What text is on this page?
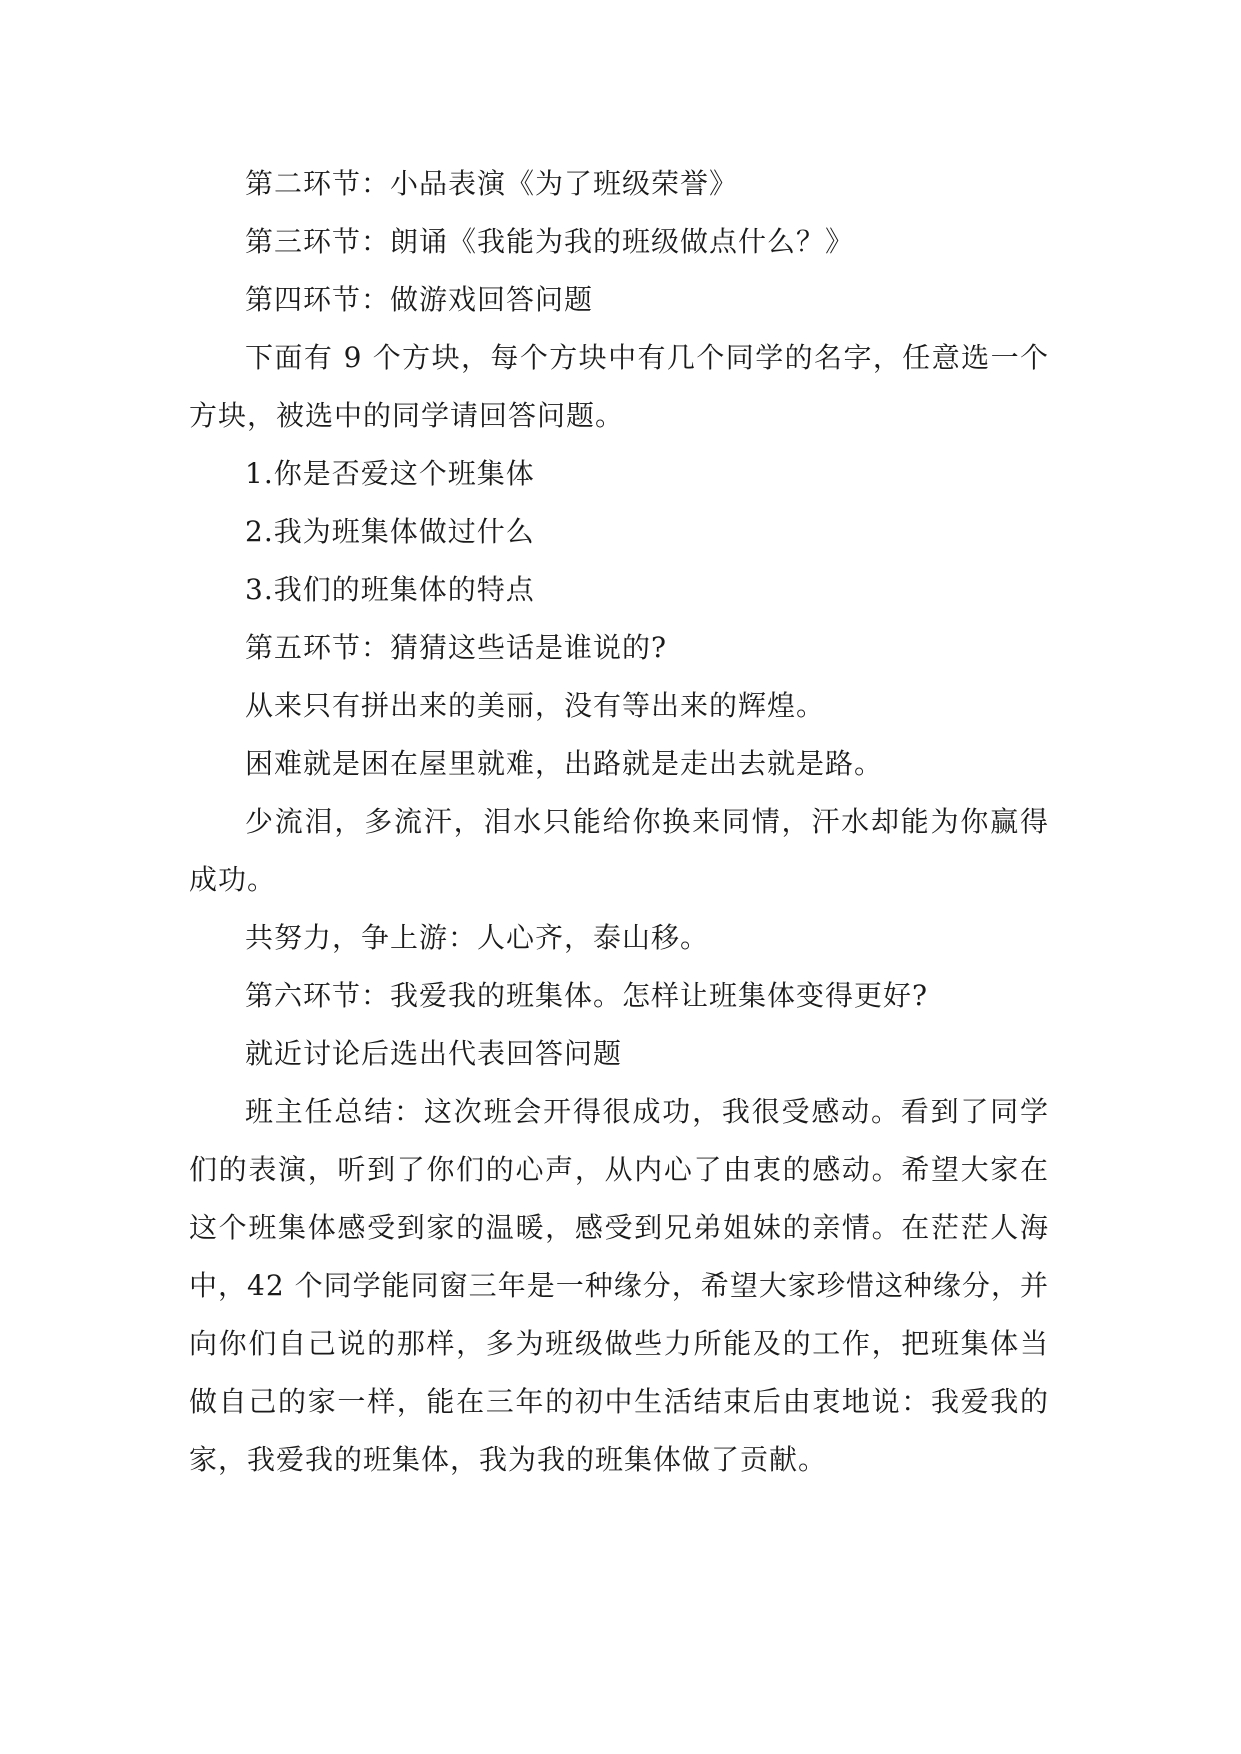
第二环节：小品表演《为了班级荣誉》

第三环节：朗诵《我能为我的班级做点什么？》

第四环节：做游戏回答问题

下面有 9 个方块，每个方块中有几个同学的名字，任意选一个方块，被选中的同学请回答问题。

1.你是否爱这个班集体

2.我为班集体做过什么

3.我们的班集体的特点

第五环节：猜猜这些话是谁说的?

从来只有拼出来的美丽，没有等出来的辉煌。

困难就是困在屋里就难，出路就是走出去就是路。

少流泪，多流汗，泪水只能给你换来同情，汗水却能为你赢得成功。

共努力，争上游：人心齐，泰山移。

第六环节：我爱我的班集体。怎样让班集体变得更好?

就近讨论后选出代表回答问题

班主任总结：这次班会开得很成功，我很受感动。看到了同学们的表演，听到了你们的心声，从内心了由衷的感动。希望大家在这个班集体感受到家的温暖，感受到兄弟姐妹的亲情。在茫茫人海中，42 个同学能同窗三年是一种缘分，希望大家珍惜这种缘分，并向你们自己说的那样，多为班级做些力所能及的工作，把班集体当做自己的家一样，能在三年的初中生活结束后由衷地说：我爱我的家，我爱我的班集体，我为我的班集体做了贡献。
